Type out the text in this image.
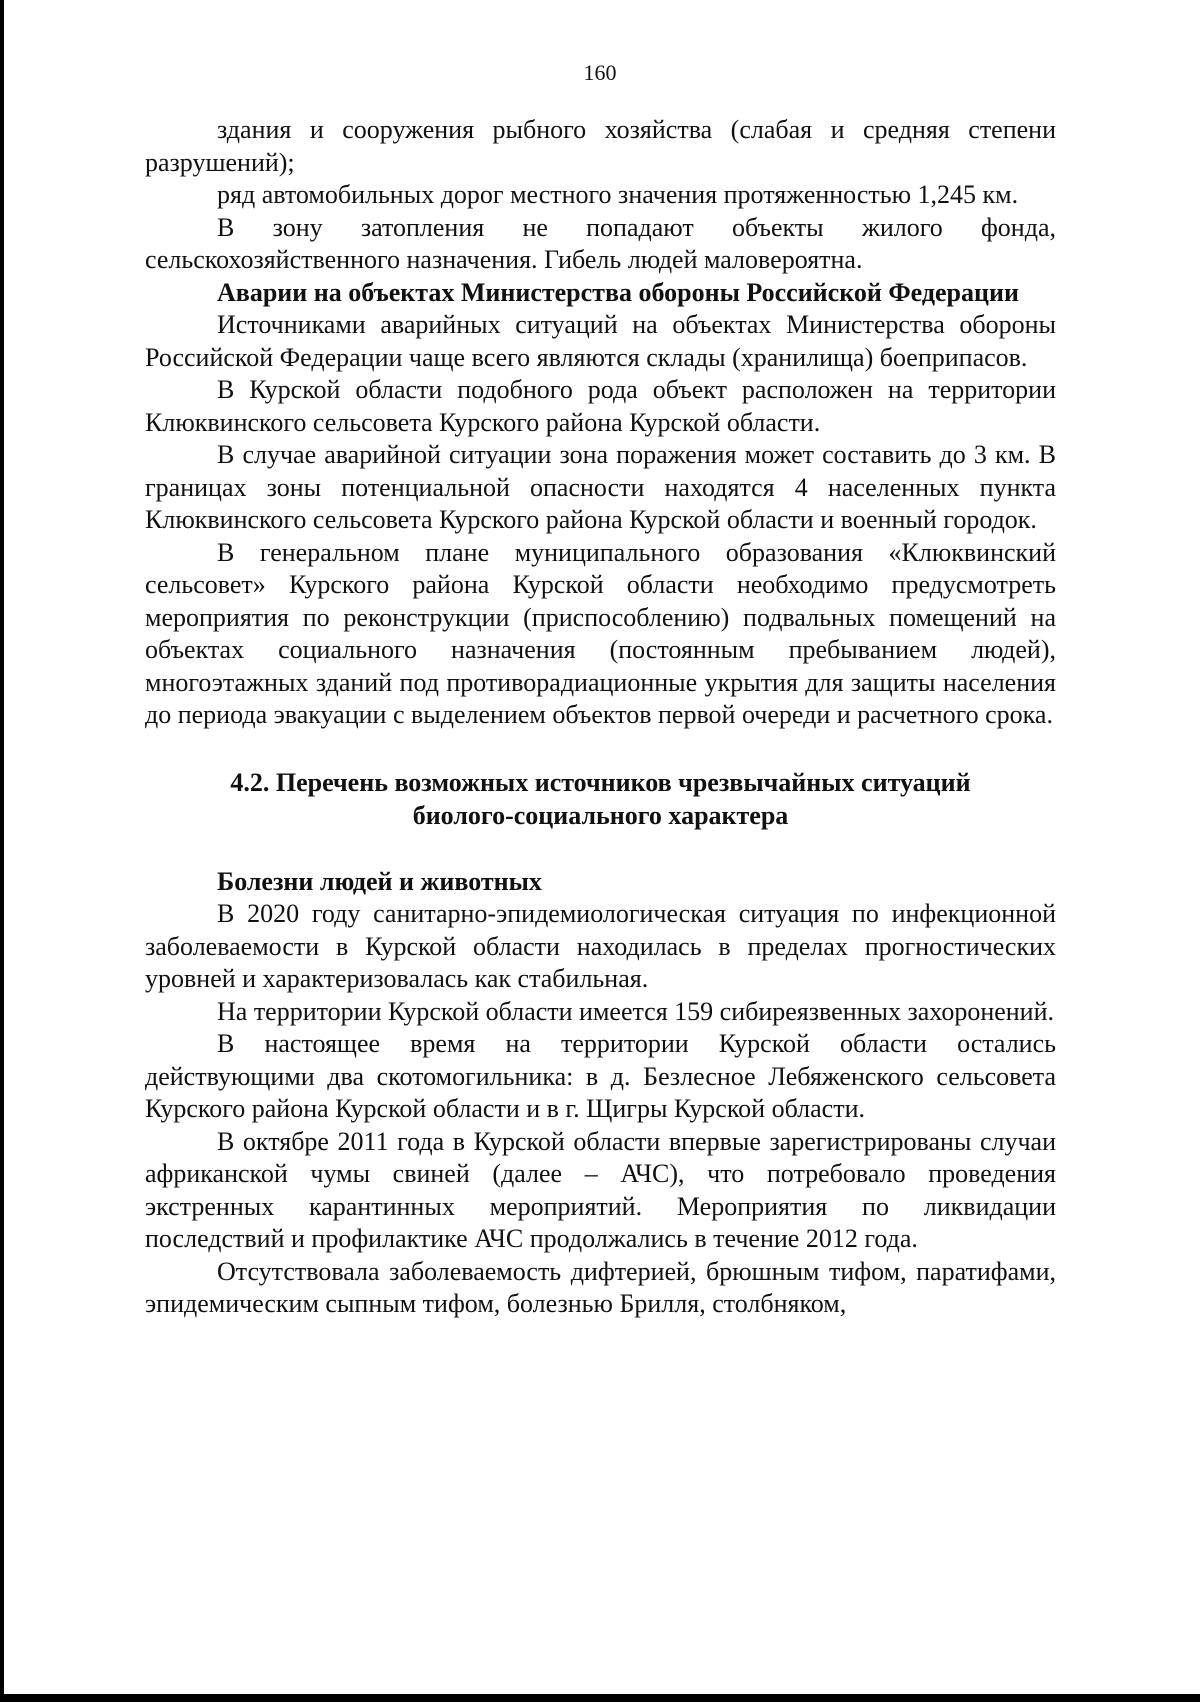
160

здания и сооружения рыбного хозяйства (слабая и средняя степени разрушений);

ряд автомобильных дорог местного значения протяженностью 1,245 км.

В зону затопления не попадают объекты жилого фонда, сельскохозяйственного назначения. Гибель людей маловероятна.

Аварии на объектах Министерства обороны Российской Федерации

Источниками аварийных ситуаций на объектах Министерства обороны Российской Федерации чаще всего являются склады (хранилища) боеприпасов.

В Курской области подобного рода объект расположен на территории Клюквинского сельсовета Курского района Курской области.

В случае аварийной ситуации зона поражения может составить до 3 км. В границах зоны потенциальной опасности находятся 4 населенных пункта Клюквинского сельсовета Курского района Курской области и военный городок.

В генеральном плане муниципального образования «Клюквинский сельсовет» Курского района Курской области необходимо предусмотреть мероприятия по реконструкции (приспособлению) подвальных помещений на объектах социального назначения (постоянным пребыванием людей), многоэтажных зданий под противорадиационные укрытия для защиты населения до периода эвакуации с выделением объектов первой очереди и расчетного срока.

4.2. Перечень возможных источников чрезвычайных ситуаций
биолого-социального характера

Болезни людей и животных

В 2020 году санитарно-эпидемиологическая ситуация по инфекционной заболеваемости в Курской области находилась в пределах прогностических уровней и характеризовалась как стабильная.

На территории Курской области имеется 159 сибиреязвенных захоронений.

В настоящее время на территории Курской области остались действующими два скотомогильника: в д. Безлесное Лебяженского сельсовета Курского района Курской области и в г. Щигры Курской области.

В октябре 2011 года в Курской области впервые зарегистрированы случаи африканской чумы свиней (далее – АЧС), что потребовало проведения экстренных карантинных мероприятий. Мероприятия по ликвидации последствий и профилактике АЧС продолжались в течение 2012 года.

Отсутствовала заболеваемость дифтерией, брюшным тифом, паратифами, эпидемическим сыпным тифом, болезнью Брилля, столбняком,
